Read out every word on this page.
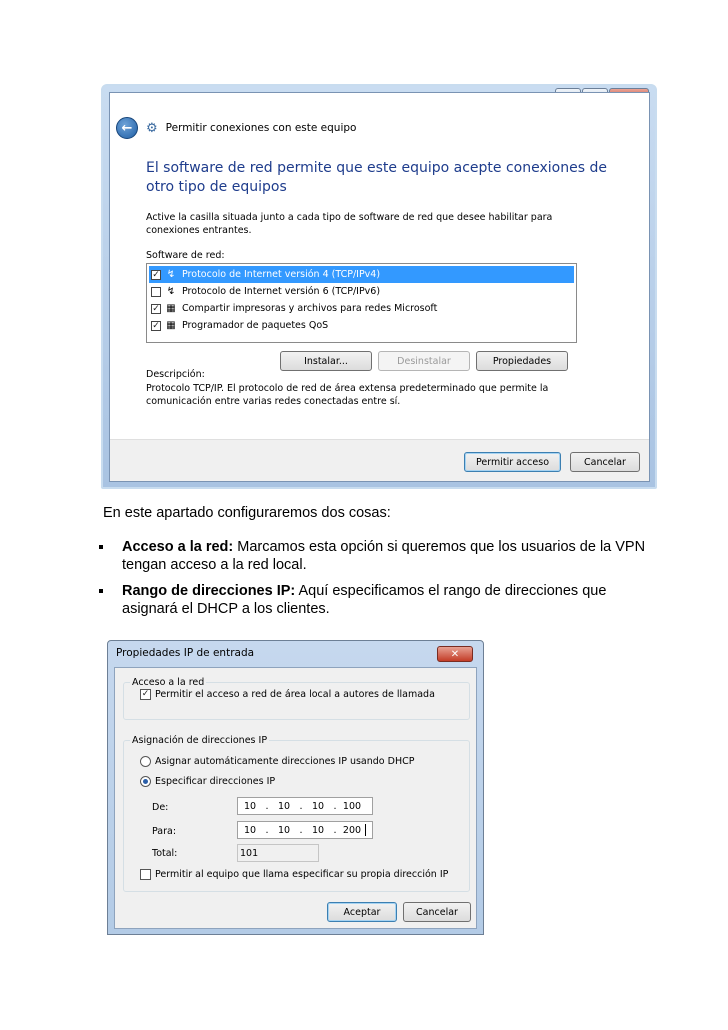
←	⚙ Permitir conexiones con este equipo
El software de red permite que este equipo acepte conexiones de otro tipo de equipos
Active la casilla situada junto a cada tipo de software de red que desee habilitar para conexiones entrantes.
Software de red:
✓ ↯ Protocolo de Internet versión 4 (TCP/IPv4)
↯ Protocolo de Internet versión 6 (TCP/IPv6)
✓ ▦ Compartir impresoras y archivos para redes Microsoft
✓ ▦ Programador de paquetes QoS
Instalar...	Desinstalar	Propiedades
Descripción:
Protocolo TCP/IP. El protocolo de red de área extensa predeterminado que permite la comunicación entre varias redes conectadas entre sí.
Permitir acceso	Cancelar
En este apartado configuraremos dos cosas:
Acceso a la red: Marcamos esta opción si queremos que los usuarios de la VPN tengan acceso a la red local.
Rango de direcciones IP: Aquí especificamos el rango de direcciones que asignará el DHCP a los clientes.
Propiedades IP de entrada	✕
Acceso a la red
✓ Permitir el acceso a red de área local a autores de llamada
Asignación de direcciones IP
Asignar automáticamente direcciones IP usando DHCP
Especificar direcciones IP
De:	10 . 10 . 10 . 100
Para:	10 . 10 . 10 . 200
Total:	101
Permitir al equipo que llama especificar su propia dirección IP
Aceptar	Cancelar
